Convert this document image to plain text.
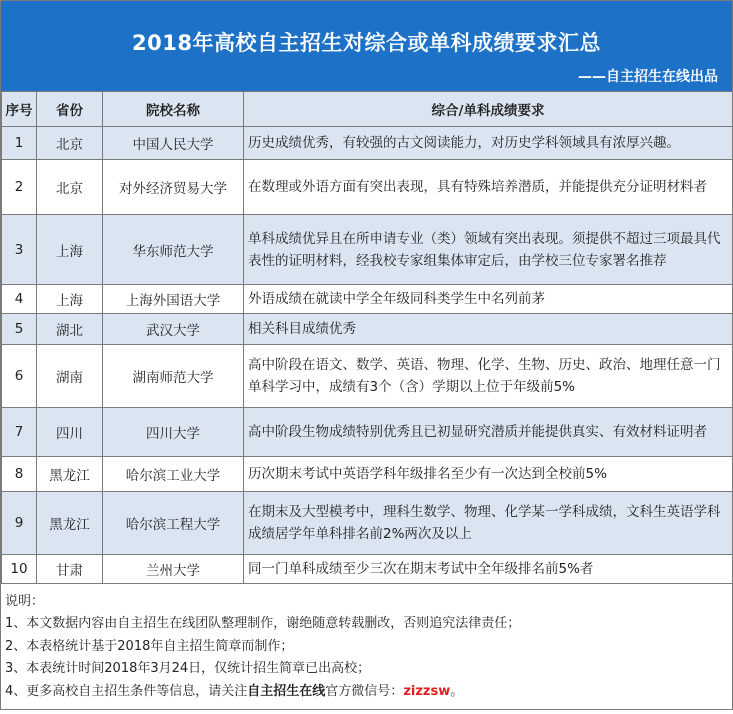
2018年高校自主招生对综合或单科成绩要求汇总
——自主招生在线出品
序号	省份	院校名称	综合/单科成绩要求
1	北京	中国人民大学	历史成绩优秀，有较强的古文阅读能力，对历史学科领域具有浓厚兴趣。
2	北京	对外经济贸易大学	在数理或外语方面有突出表现，具有特殊培养潜质，并能提供充分证明材料者
3	上海	华东师范大学	单科成绩优异且在所申请专业（类）领域有突出表现。须提供不超过三项最具代表性的证明材料，经我校专家组集体审定后，由学校三位专家署名推荐
4	上海	上海外国语大学	外语成绩在就读中学全年级同科类学生中名列前茅
5	湖北	武汉大学	相关科目成绩优秀
6	湖南	湖南师范大学	高中阶段在语文、数学、英语、物理、化学、生物、历史、政治、地理任意一门单科学习中，成绩有3个（含）学期以上位于年级前5%
7	四川	四川大学	高中阶段生物成绩特别优秀且已初显研究潜质并能提供真实、有效材料证明者
8	黑龙江	哈尔滨工业大学	历次期末考试中英语学科年级排名至少有一次达到全校前5%
9	黑龙江	哈尔滨工程大学	在期末及大型模考中，理科生数学、物理、化学某一学科成绩，文科生英语学科成绩居学年单科排名前2%两次及以上
10	甘肃	兰州大学	同一门单科成绩至少三次在期末考试中全年级排名前5%者
说明：
1、本文数据内容由自主招生在线团队整理制作，谢绝随意转载删改，否则追究法律责任；
2、本表格统计基于2018年自主招生简章而制作；
3、本表统计时间2018年3月24日，仅统计招生简章已出高校；
4、更多高校自主招生条件等信息，请关注自主招生在线官方微信号：zizzsw。
